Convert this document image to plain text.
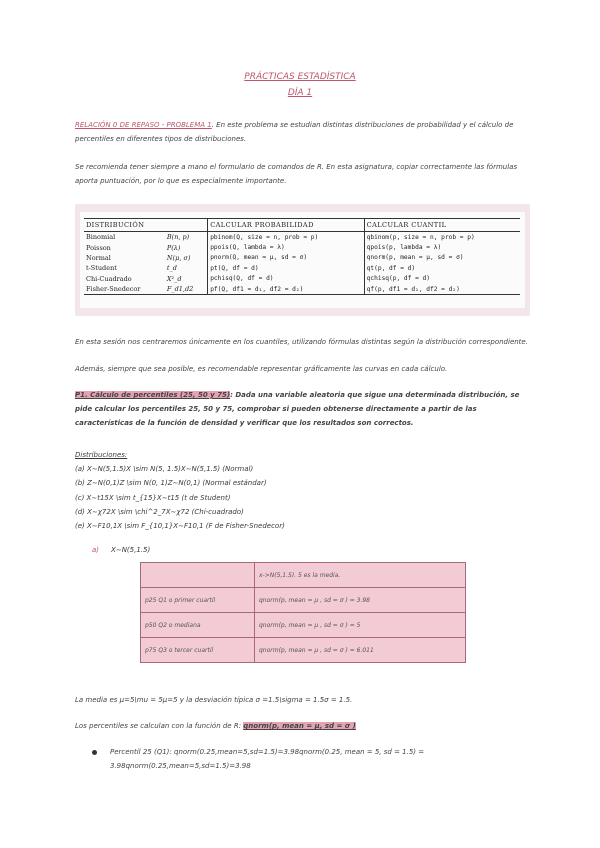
PRÁCTICAS ESTADÍSTICA
DÍA 1
RELACIÓN 0 DE REPASO - PROBLEMA 1. En este problema se estudian distintas distribuciones de probabilidad y el cálculo de percentiles en diferentes tipos de distribuciones.
Se recomienda tener siempre a mano el formulario de comandos de R. En esta asignatura, copiar correctamente las fórmulas aporta puntuación, por lo que es especialmente importante.
DISTRIBUCIÓN		CALCULAR PROBABILIDAD	CALCULAR CUANTIL
Binomial	B(n, p)	pbinom(Q, size = n, prob = p)	qbinom(p, size = n, prob = p)
Poisson	P(λ)	ppois(Q, lambda = λ)	qpois(p, lambda = λ)
Normal	N(μ, σ)	pnorm(Q, mean = μ, sd = σ)	qnorm(p, mean = μ, sd = σ)
t-Student	t_d	pt(Q, df = d)	qt(p, df = d)
Chi-Cuadrado	X²_d	pchisq(Q, df = d)	qchisq(p, df = d)
Fisher-Snedecor	F_d1,d2	pf(Q, df1 = d₁, df2 = d₂)	qf(p, df1 = d₁, df2 = d₂)
En esta sesión nos centraremos únicamente en los cuantiles, utilizando fórmulas distintas según la distribución correspondiente.
Además, siempre que sea posible, es recomendable representar gráficamente las curvas en cada cálculo.
P1. Cálculo de percentiles (25, 50 y 75): Dada una variable aleatoria que sigue una determinada distribución, se pide calcular los percentiles 25, 50 y 75, comprobar si pueden obtenerse directamente a partir de las características de la función de densidad y verificar que los resultados son correctos.
Distribuciones:
(a) X∼N(5,1.5)X \sim N(5, 1.5)X∼N(5,1.5) (Normal)
(b) Z∼N(0,1)Z \sim N(0, 1)Z∼N(0,1) (Normal estándar)
(c) X∼t15X \sim t_{15}X∼t15 (t de Student)
(d) X∼χ72X \sim \chi^2_7X∼χ72 (Chi-cuadrado)
(e) X∼F10,1X \sim F_{10,1}X∼F10,1 (F de Fisher-Snedecor)
a) X∼N(5,1.5)
	x->N(5,1.5). 5 es la media.
p25 Q1 o primer cuartil	qnorm(p, mean = μ , sd = σ ) = 3.98
p50 Q2 o mediana	qnorm(p, mean = μ , sd = σ ) = 5
p75 Q3 o tercer cuartil	qnorm(p, mean = μ , sd = σ ) = 6.011
La media es μ=5\mu = 5μ=5 y la desviación típica σ =1.5\sigma = 1.5σ = 1.5.
Los percentiles se calculan con la función de R: qnorm(p, mean = μ, sd = σ )
Percentil 25 (Q1): qnorm(0.25,mean=5,sd=1.5)=3.98qnorm(0.25, mean = 5, sd = 1.5) = 3.98qnorm(0.25,mean=5,sd=1.5)=3.98
